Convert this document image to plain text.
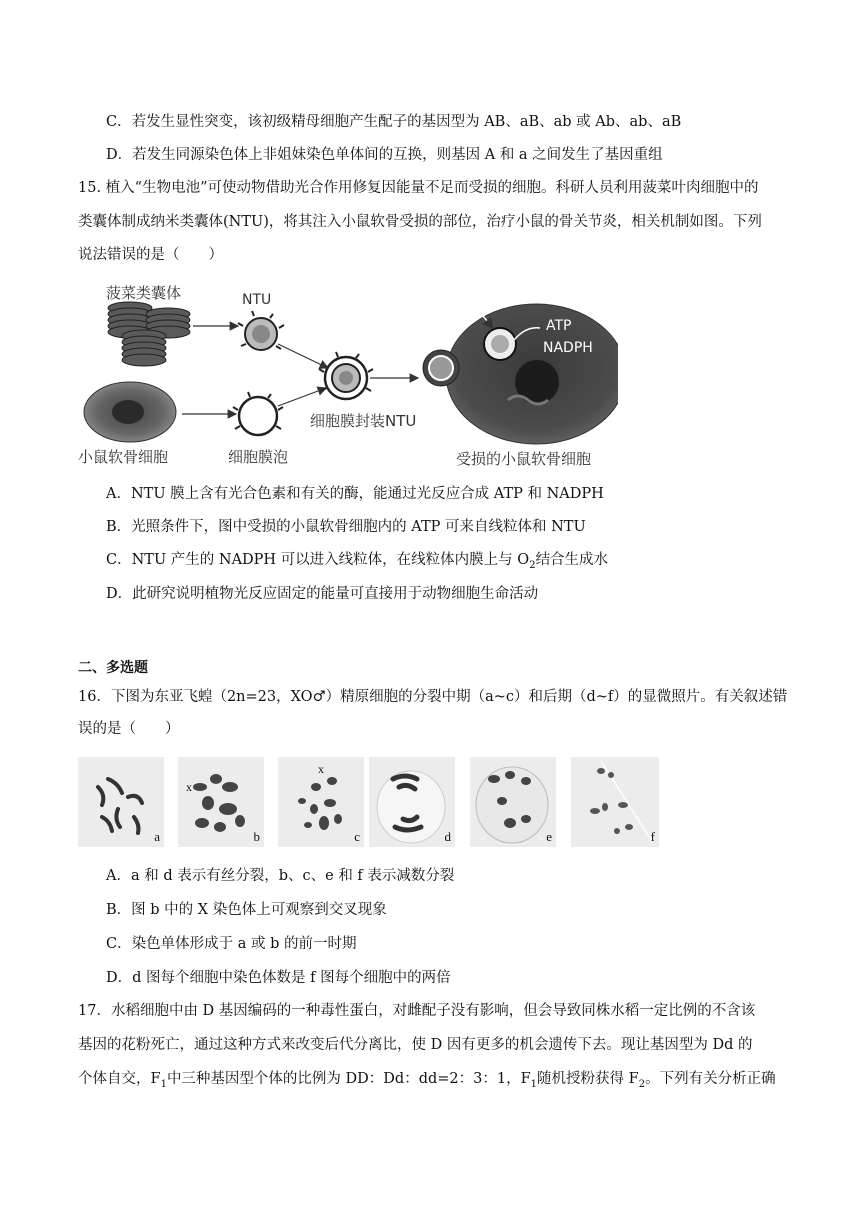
C．若发生显性突变，该初级精母细胞产生配子的基因型为 AB、aB、ab 或 Ab、ab、aB
D．若发生同源染色体上非姐妹染色单体间的互换，则基因 A 和 a 之间发生了基因重组
15. 植入“生物电池”可使动物借助光合作用修复因能量不足而受损的细胞。科研人员利用菠菜叶肉细胞中的
类囊体制成纳米类囊体(NTU)，将其注入小鼠软骨受损的部位，治疗小鼠的骨关节炎，相关机制如图。下列
说法错误的是（　　）
菠菜类囊体	NTU
小鼠软骨细胞	细胞膜泡
细胞膜封装NTU
光照
ATP
NADPH
受损的小鼠软骨细胞
A．NTU 膜上含有光合色素和有关的酶，能通过光反应合成 ATP 和 NADPH
B．光照条件下，图中受损的小鼠软骨细胞内的 ATP 可来自线粒体和 NTU
C．NTU 产生的 NADPH 可以进入线粒体，在线粒体内膜上与 $O_2$结合生成水
D．此研究说明植物光反应固定的能量可直接用于动物细胞生命活动
二、多选题
16．下图为东亚飞蝗（2n=23，XO♂）精原细胞的分裂中期（a~c）和后期（d~f）的显微照片。有关叙述错
误的是（　　）
a
x
b
x
c	d	e	f
A．a 和 d 表示有丝分裂，b、c、e 和 f 表示减数分裂
B．图 b 中的 X 染色体上可观察到交叉现象
C．染色单体形成于 a 或 b 的前一时期
D．d 图每个细胞中染色体数是 f 图每个细胞中的两倍
17．水稻细胞中由 D 基因编码的一种毒性蛋白，对雌配子没有影响，但会导致同株水稻一定比例的不含该
基因的花粉死亡，通过这种方式来改变后代分离比，使 D 因有更多的机会遗传下去。现让基因型为 Dd 的
个体自交，$F_1$中三种基因型个体的比例为 DD：Dd：dd=2：3：1，$F_1$随机授粉获得 $F_2$。下列有关分析正确
